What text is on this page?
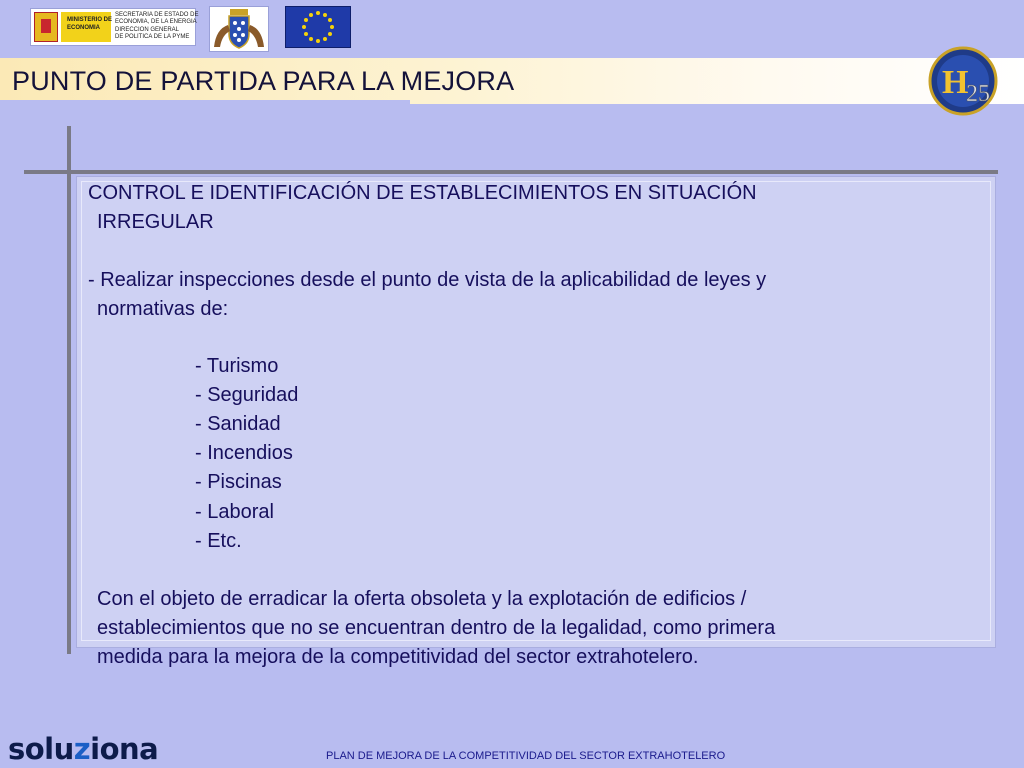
MINISTERIO DE
ECONOMIA
SECRETARIA DE ESTADO DE
ECONOMIA, DE LA ENERGIA
DIRECCION GENERAL
DE POLITICA DE LA PYME
PUNTO DE PARTIDA PARA LA MEJORA	H
25
CONTROL E IDENTIFICACIÓN DE ESTABLECIMIENTOS EN SITUACIÓN
IRREGULAR
- Realizar inspecciones desde el punto de vista de la aplicabilidad de leyes y
normativas de:
- Turismo
- Seguridad
- Sanidad
- Incendios
- Piscinas
- Laboral
- Etc.
Con el objeto de erradicar la oferta obsoleta y la explotación de edificios /
establecimientos que no se encuentran dentro de la legalidad, como primera
medida para la mejora de la competitividad del sector extrahotelero.
soluziona	PLAN DE MEJORA DE LA COMPETITIVIDAD DEL SECTOR EXTRAHOTELERO
